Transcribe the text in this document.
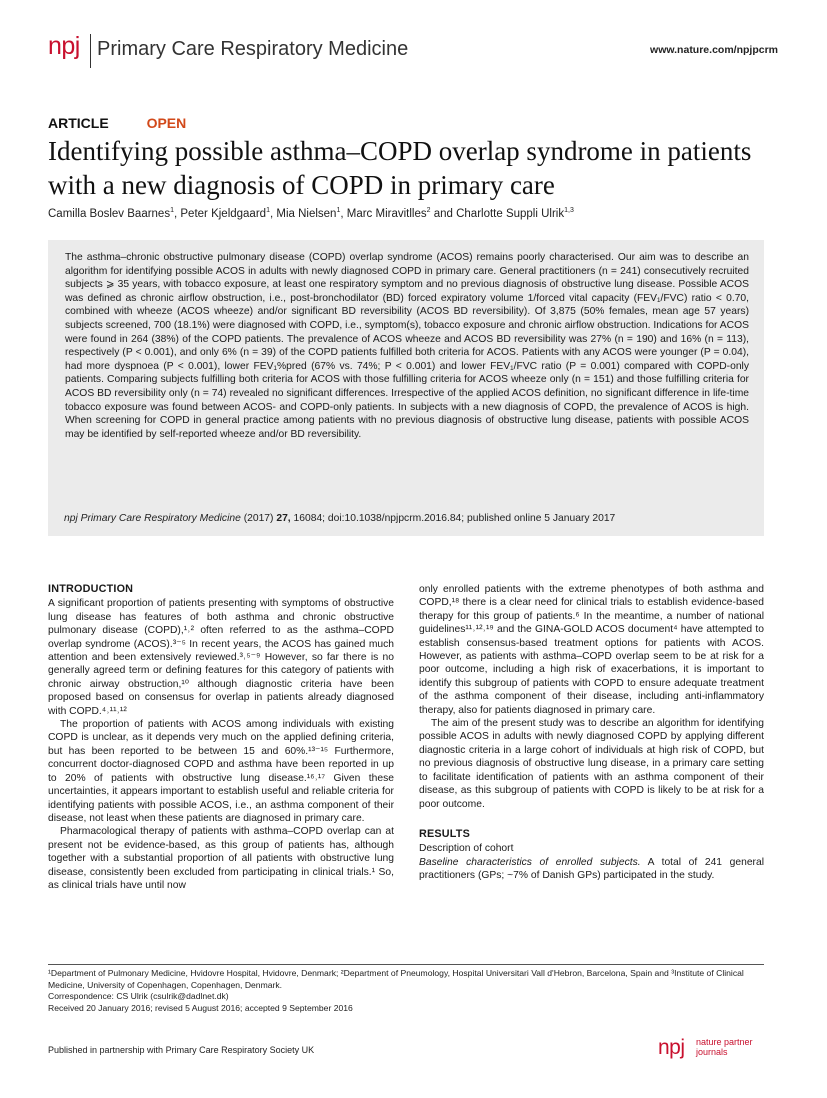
npj Primary Care Respiratory Medicine	www.nature.com/npjpcrm
ARTICLE	OPEN
Identifying possible asthma–COPD overlap syndrome in patients with a new diagnosis of COPD in primary care
Camilla Boslev Baarnes$^1$, Peter Kjeldgaard$^1$, Mia Nielsen$^1$, Marc Miravitlles$^2$ and Charlotte Suppli Ulrik$^{1,3}$

The asthma–chronic obstructive pulmonary disease (COPD) overlap syndrome (ACOS) remains poorly characterised. Our aim was to describe an algorithm for identifying possible ACOS in adults with newly diagnosed COPD in primary care. General practitioners (n = 241) consecutively recruited subjects ⩾ 35 years, with tobacco exposure, at least one respiratory symptom and no previous diagnosis of obstructive lung disease. Possible ACOS was defined as chronic airflow obstruction, i.e., post-bronchodilator (BD) forced expiratory volume 1/forced vital capacity (FEV₁/FVC) ratio < 0.70, combined with wheeze (ACOS wheeze) and/or significant BD reversibility (ACOS BD reversibility). Of 3,875 (50% females, mean age 57 years) subjects screened, 700 (18.1%) were diagnosed with COPD, i.e., symptom(s), tobacco exposure and chronic airflow obstruction. Indications for ACOS were found in 264 (38%) of the COPD patients. The prevalence of ACOS wheeze and ACOS BD reversibility was 27% (n = 190) and 16% (n = 113), respectively (P < 0.001), and only 6% (n = 39) of the COPD patients fulfilled both criteria for ACOS. Patients with any ACOS were younger (P = 0.04), had more dyspnoea (P < 0.001), lower FEV₁%pred (67% vs. 74%; P < 0.001) and lower FEV₁/FVC ratio (P = 0.001) compared with COPD-only patients. Comparing subjects fulfilling both criteria for ACOS with those fulfilling criteria for ACOS wheeze only (n = 151) and those fulfilling criteria for ACOS BD reversibility only (n = 74) revealed no significant differences. Irrespective of the applied ACOS definition, no significant difference in life-time tobacco exposure was found between ACOS- and COPD-only patients. In subjects with a new diagnosis of COPD, the prevalence of ACOS is high. When screening for COPD in general practice among patients with no previous diagnosis of obstructive lung disease, patients with possible ACOS may be identified by self-reported wheeze and/or BD reversibility.

npj Primary Care Respiratory Medicine (2017) 27, 16084; doi:10.1038/npjpcrm.2016.84; published online 5 January 2017
INTRODUCTION

A significant proportion of patients presenting with symptoms of obstructive lung disease has features of both asthma and chronic obstructive pulmonary disease (COPD),¹˒² often referred to as the asthma–COPD overlap syndrome (ACOS).³⁻⁵ In recent years, the ACOS has gained much attention and been extensively reviewed.³˒⁵⁻⁹ However, so far there is no generally agreed term or defining features for this category of patients with chronic airway obstruction,¹⁰ although diagnostic criteria have been proposed based on consensus for overlap in patients already diagnosed with COPD.⁴˒¹¹˒¹²

The proportion of patients with ACOS among individuals with existing COPD is unclear, as it depends very much on the applied defining criteria, but has been reported to be between 15 and 60%.¹³⁻¹⁵ Furthermore, concurrent doctor-diagnosed COPD and asthma have been reported in up to 20% of patients with obstructive lung disease.¹⁶˒¹⁷ Given these uncertainties, it appears important to establish useful and reliable criteria for identifying patients with possible ACOS, i.e., an asthma component of their disease, not least when these patients are diagnosed in primary care.

Pharmacological therapy of patients with asthma–COPD overlap can at present not be evidence-based, as this group of patients has, although together with a substantial proportion of all patients with obstructive lung disease, consistently been excluded from participating in clinical trials.¹ So, as clinical trials have until now

only enrolled patients with the extreme phenotypes of both asthma and COPD,¹⁸ there is a clear need for clinical trials to establish evidence-based therapy for this group of patients.⁶ In the meantime, a number of national guidelines¹¹˒¹²˒¹⁹ and the GINA-GOLD ACOS document⁴ have attempted to establish consensus-based treatment options for patients with ACOS. However, as patients with asthma–COPD overlap seem to be at risk for a poor outcome, including a high risk of exacerbations, it is important to identify this subgroup of patients with COPD to ensure adequate treatment of the asthma component of their disease, including anti-inflammatory therapy, also for patients diagnosed in primary care.

The aim of the present study was to describe an algorithm for identifying possible ACOS in adults with newly diagnosed COPD by applying different diagnostic criteria in a large cohort of individuals at high risk of COPD, but no previous diagnosis of obstructive lung disease, in a primary care setting to facilitate identification of patients with an asthma component of their disease, as this subgroup of patients with COPD is likely to be at risk for a poor outcome.

RESULTS
Description of cohort

Baseline characteristics of enrolled subjects. A total of 241 general practitioners (GPs; ~7% of Danish GPs) participated in the study.

¹Department of Pulmonary Medicine, Hvidovre Hospital, Hvidovre, Denmark; ²Department of Pneumology, Hospital Universitari Vall d'Hebron, Barcelona, Spain and ³Institute of Clinical Medicine, University of Copenhagen, Copenhagen, Denmark.

Correspondence: CS Ulrik (csulrik@dadlnet.dk)

Received 20 January 2016; revised 5 August 2016; accepted 9 September 2016

Published in partnership with Primary Care Respiratory Society UK	npj nature partner
journals
